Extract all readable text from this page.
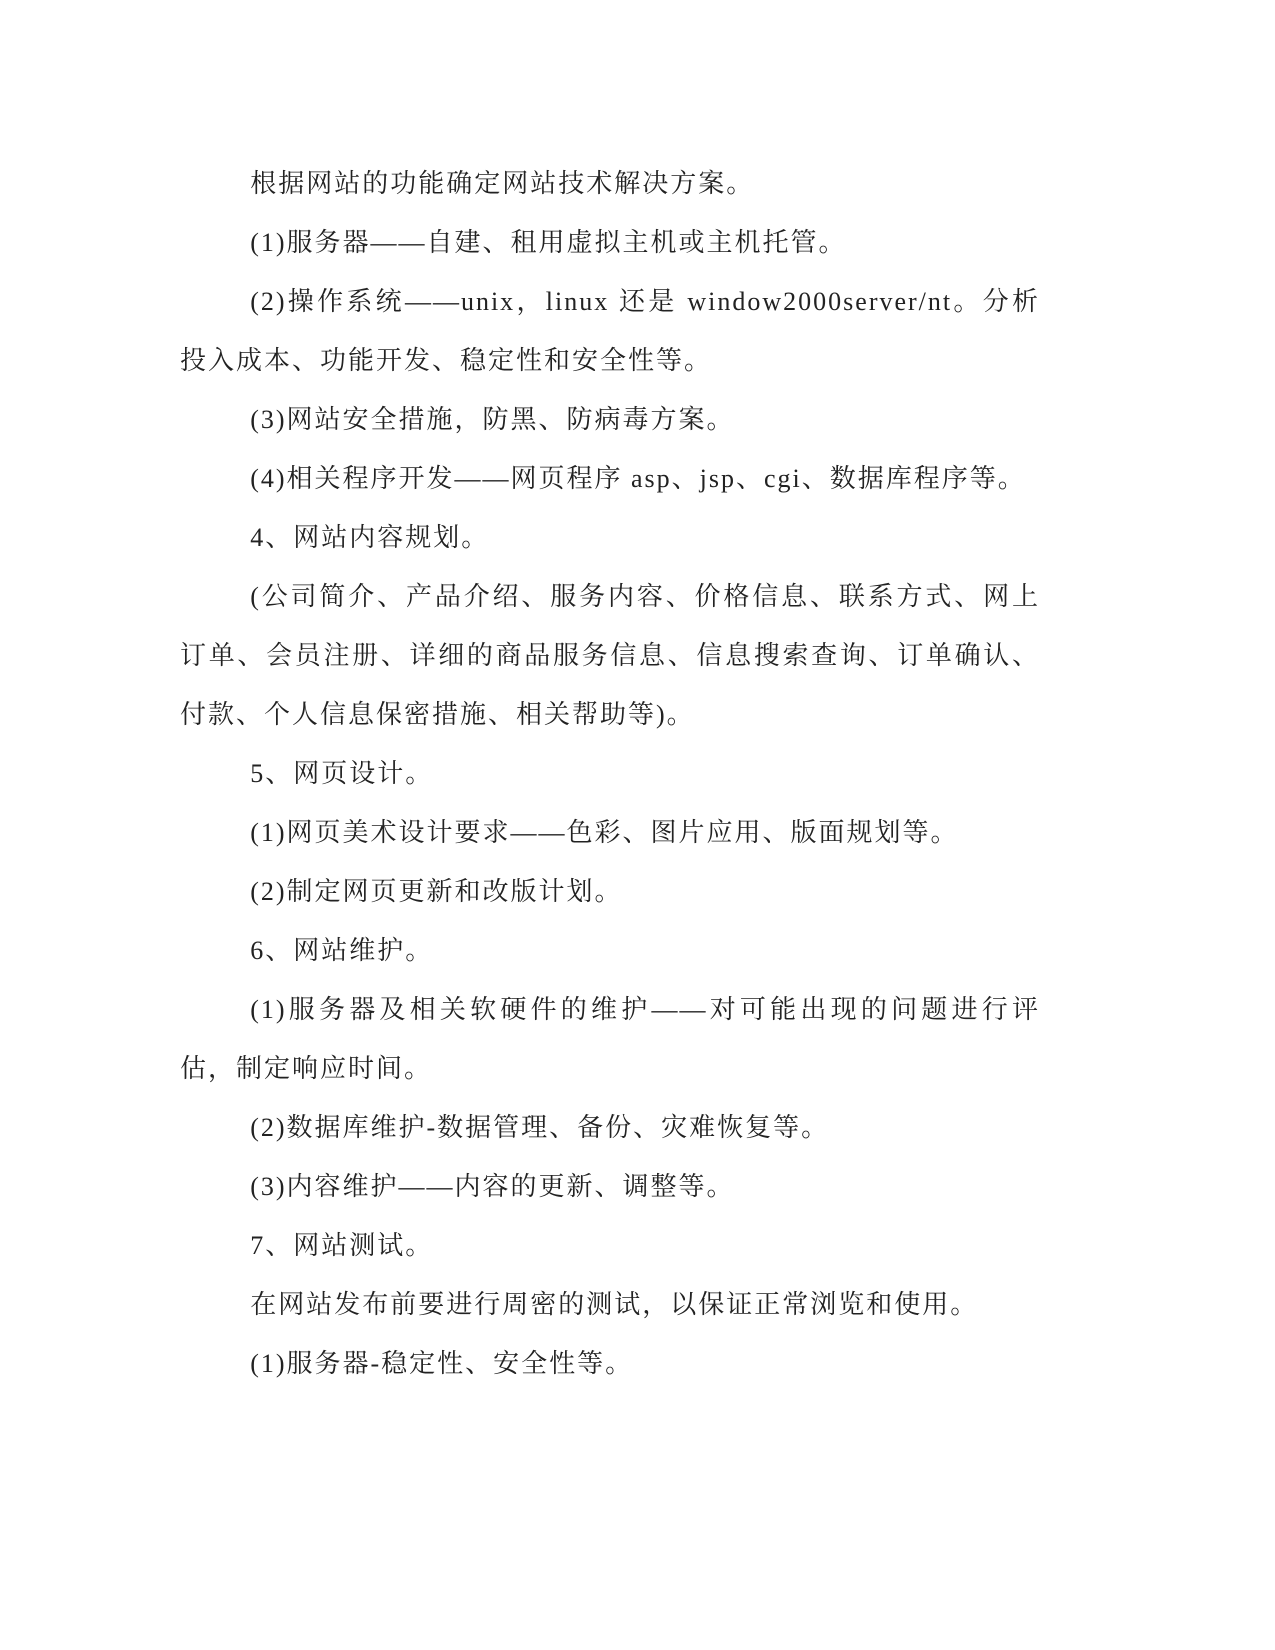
根据网站的功能确定网站技术解决方案。

(1)服务器——自建、租用虚拟主机或主机托管。

(2)操作系统——unix，linux 还是 window2000server/nt。分析投入成本、功能开发、稳定性和安全性等。

(3)网站安全措施，防黑、防病毒方案。

(4)相关程序开发——网页程序 asp、jsp、cgi、数据库程序等。

4、网站内容规划。

(公司简介、产品介绍、服务内容、价格信息、联系方式、网上订单、会员注册、详细的商品服务信息、信息搜索查询、订单确认、付款、个人信息保密措施、相关帮助等)。

5、网页设计。

(1)网页美术设计要求——色彩、图片应用、版面规划等。

(2)制定网页更新和改版计划。

6、网站维护。

(1)服务器及相关软硬件的维护——对可能出现的问题进行评估，制定响应时间。

(2)数据库维护-数据管理、备份、灾难恢复等。

(3)内容维护——内容的更新、调整等。

7、网站测试。

在网站发布前要进行周密的测试，以保证正常浏览和使用。

(1)服务器-稳定性、安全性等。
